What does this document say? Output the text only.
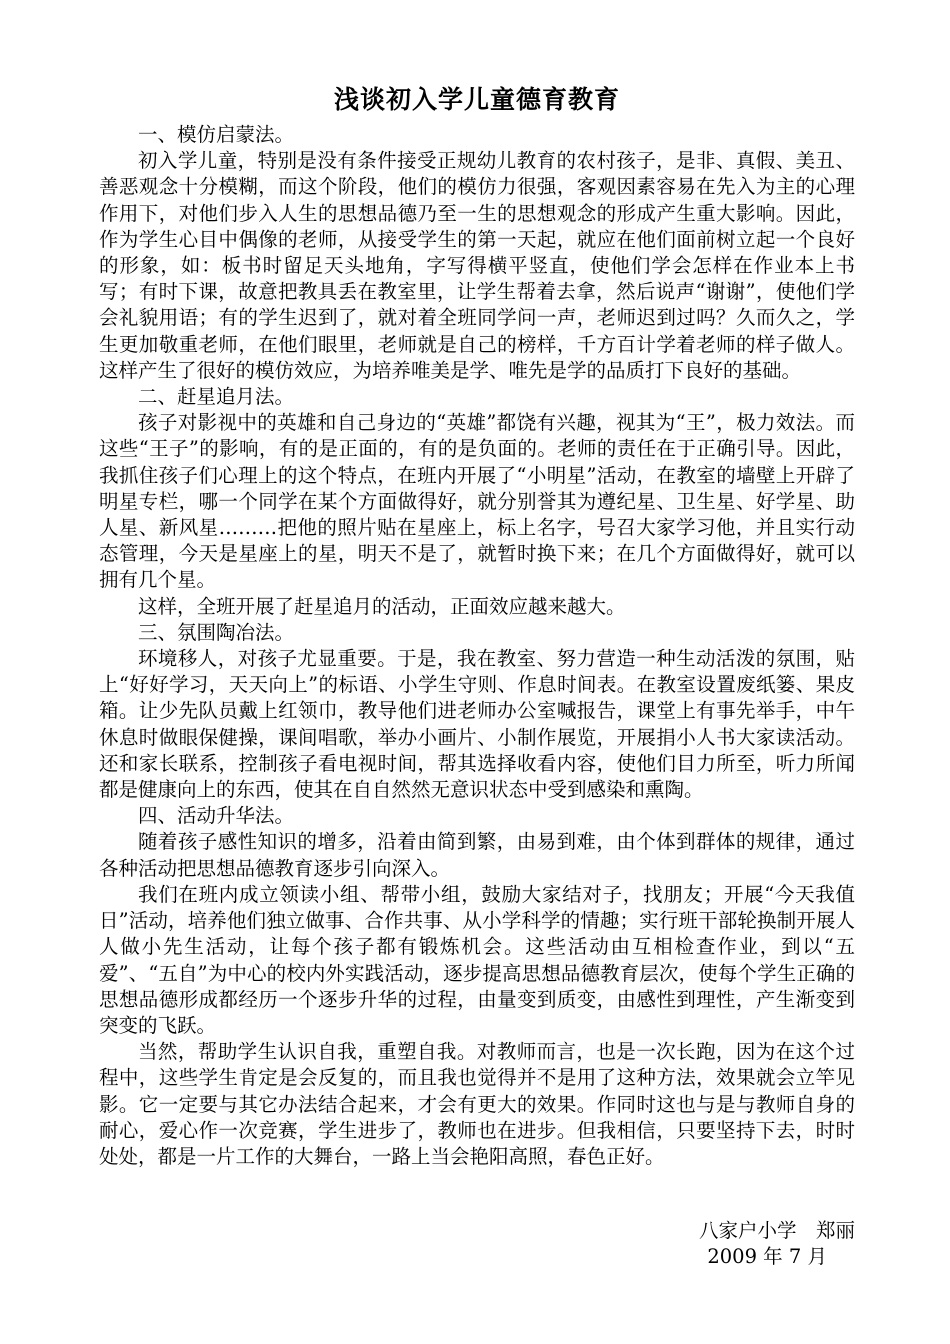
浅谈初入学儿童德育教育

一、模仿启蒙法。

初入学儿童，特别是没有条件接受正规幼儿教育的农村孩子，是非、真假、美丑、善恶观念十分模糊，而这个阶段，他们的模仿力很强，客观因素容易在先入为主的心理作用下，对他们步入人生的思想品德乃至一生的思想观念的形成产生重大影响。因此，作为学生心目中偶像的老师，从接受学生的第一天起，就应在他们面前树立起一个良好的形象，如：板书时留足天头地角，字写得横平竖直，使他们学会怎样在作业本上书写；有时下课，故意把教具丢在教室里，让学生帮着去拿，然后说声“谢谢”，使他们学会礼貌用语；有的学生迟到了，就对着全班同学问一声，老师迟到过吗？久而久之，学生更加敬重老师，在他们眼里，老师就是自己的榜样，千方百计学着老师的样子做人。这样产生了很好的模仿效应，为培养唯美是学、唯先是学的品质打下良好的基础。

二、赶星追月法。

孩子对影视中的英雄和自己身边的“英雄”都饶有兴趣，视其为“王”，极力效法。而这些“王子”的影响，有的是正面的，有的是负面的。老师的责任在于正确引导。因此，我抓住孩子们心理上的这个特点，在班内开展了“小明星”活动，在教室的墙壁上开辟了明星专栏，哪一个同学在某个方面做得好，就分别誉其为遵纪星、卫生星、好学星、助人星、新风星………把他的照片贴在星座上，标上名字，号召大家学习他，并且实行动态管理，今天是星座上的星，明天不是了，就暂时换下来；在几个方面做得好，就可以拥有几个星。

这样，全班开展了赶星追月的活动，正面效应越来越大。

三、氛围陶冶法。

环境移人，对孩子尤显重要。于是，我在教室、努力营造一种生动活泼的氛围，贴上“好好学习，天天向上”的标语、小学生守则、作息时间表。在教室设置废纸篓、果皮箱。让少先队员戴上红领巾，教导他们进老师办公室喊报告，课堂上有事先举手，中午休息时做眼保健操，课间唱歌，举办小画片、小制作展览，开展捐小人书大家读活动。还和家长联系，控制孩子看电视时间，帮其选择收看内容，使他们目力所至，听力所闻都是健康向上的东西，使其在自自然然无意识状态中受到感染和熏陶。

四、活动升华法。

随着孩子感性知识的增多，沿着由简到繁，由易到难，由个体到群体的规律，通过各种活动把思想品德教育逐步引向深入。

我们在班内成立领读小组、帮带小组，鼓励大家结对子，找朋友；开展“今天我值日”活动，培养他们独立做事、合作共事、从小学科学的情趣；实行班干部轮换制开展人人做小先生活动，让每个孩子都有锻炼机会。这些活动由互相检查作业，到以“五爱”、“五自”为中心的校内外实践活动，逐步提高思想品德教育层次，使每个学生正确的思想品德形成都经历一个逐步升华的过程，由量变到质变，由感性到理性，产生渐变到突变的飞跃。

当然，帮助学生认识自我，重塑自我。对教师而言，也是一次长跑，因为在这个过程中，这些学生肯定是会反复的，而且我也觉得并不是用了这种方法，效果就会立竿见影。它一定要与其它办法结合起来，才会有更大的效果。作同时这也与是与教师自身的耐心，爱心作一次竞赛，学生进步了，教师也在进步。但我相信，只要坚持下去，时时处处，都是一片工作的大舞台，一路上当会艳阳高照，春色正好。

八家户小学　郑丽
2009 年 7 月
